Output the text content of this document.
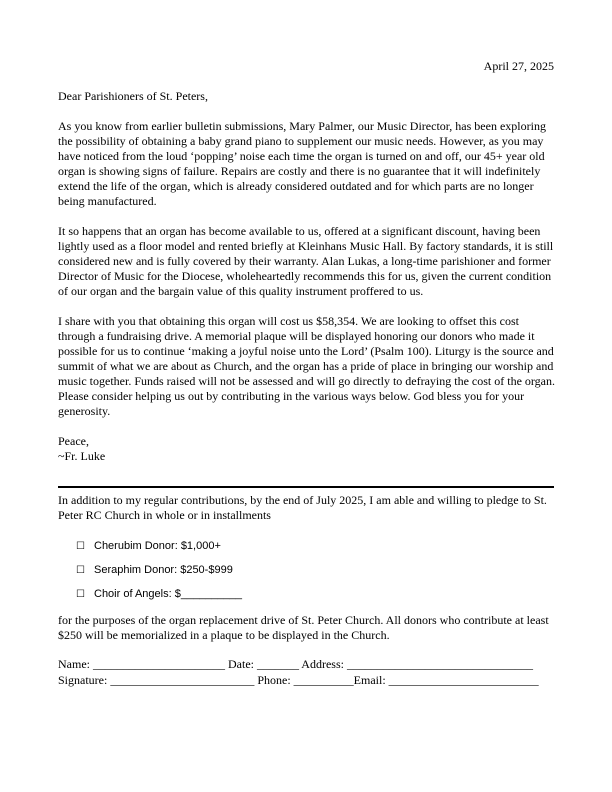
April 27, 2025

Dear Parishioners of St. Peters,

As you know from earlier bulletin submissions, Mary Palmer, our Music Director, has been exploring the possibility of obtaining a baby grand piano to supplement our music needs. However, as you may have noticed from the loud ‘popping’ noise each time the organ is turned on and off, our 45+ year old organ is showing signs of failure. Repairs are costly and there is no guarantee that it will indefinitely extend the life of the organ, which is already considered outdated and for which parts are no longer being manufactured.

It so happens that an organ has become available to us, offered at a significant discount, having been lightly used as a floor model and rented briefly at Kleinhans Music Hall. By factory standards, it is still considered new and is fully covered by their warranty. Alan Lukas, a long-time parishioner and former Director of Music for the Diocese, wholeheartedly recommends this for us, given the current condition of our organ and the bargain value of this quality instrument proffered to us.

I share with you that obtaining this organ will cost us $58,354. We are looking to offset this cost through a fundraising drive. A memorial plaque will be displayed honoring our donors who made it possible for us to continue ‘making a joyful noise unto the Lord’ (Psalm 100). Liturgy is the source and summit of what we are about as Church, and the organ has a pride of place in bringing our worship and music together. Funds raised will not be assessed and will go directly to defraying the cost of the organ. Please consider helping us out by contributing in the various ways below. God bless you for your generosity.

Peace,

~Fr. Luke

In addition to my regular contributions, by the end of July 2025, I am able and willing to pledge to St. Peter RC Church in whole or in installments

☐ Cherubim Donor: $1,000+
☐ Seraphim Donor: $250-$999
☐ Choir of Angels: $__________

for the purposes of the organ replacement drive of St. Peter Church. All donors who contribute at least $250 will be memorialized in a plaque to be displayed in the Church.

Name: ______________________ Date: _______ Address: _______________________________
Signature: ________________________ Phone: __________Email: _________________________
